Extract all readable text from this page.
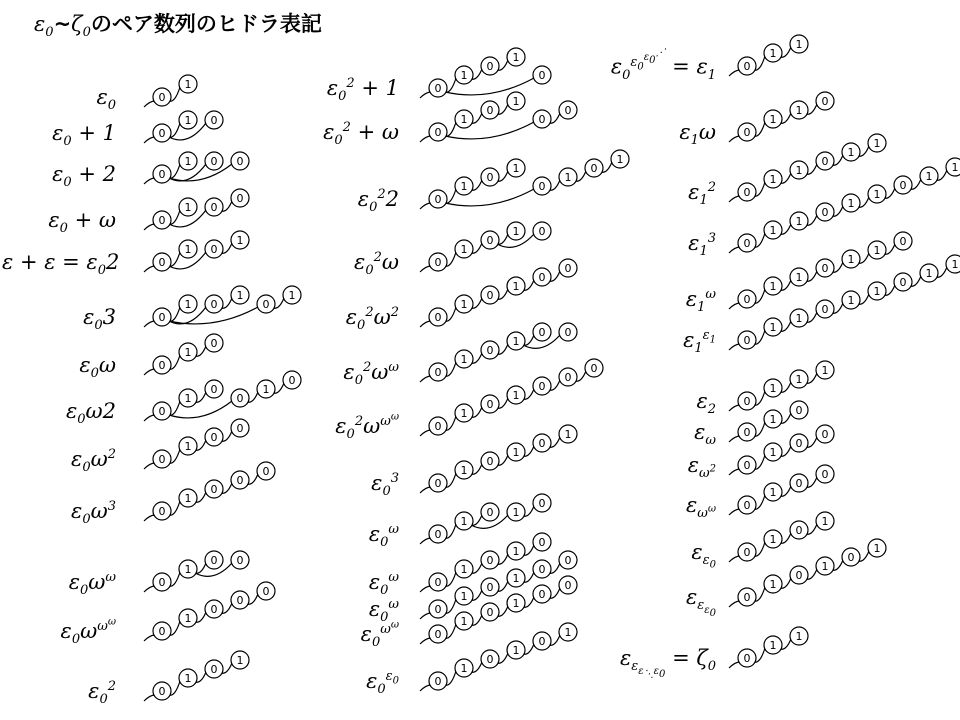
$\varepsilon_0\sim\zeta_0$のペア数列のヒドラ表記
$\varepsilon_0$
$\varepsilon_0 + 1$
$\varepsilon_0 + 2$
$\varepsilon_0 + \omega$
$\varepsilon + \varepsilon = \varepsilon_02$
$\varepsilon_03$
$\varepsilon_0\omega$
$\varepsilon_0\omega 2$
$\varepsilon_0\omega^2$
$\varepsilon_0\omega^3$
$\varepsilon_0\omega^\omega$
$\varepsilon_0\omega^{\omega^\omega}$
$\varepsilon_0^2$
$\varepsilon_0^2 + 1$
$\varepsilon_0^2 + \omega$
$\varepsilon_0^22$
$\varepsilon_0^2\omega$
$\varepsilon_0^2\omega^2$
$\varepsilon_0^2\omega^\omega$
$\varepsilon_0^2\omega^{\omega^\omega}$
$\varepsilon_0^3$
$\varepsilon_0^\omega$
$\varepsilon_0^\omega$
$\varepsilon_0^\omega$
$\varepsilon_0^{\omega^\omega}$
$\varepsilon_0^{\varepsilon_0}$
$\varepsilon_0^{\varepsilon_0^{\varepsilon_0^⋰}} = \varepsilon_1$
$\varepsilon_1\omega$
$\varepsilon_1^2$
$\varepsilon_1^3$
$\varepsilon_1^\omega$
$\varepsilon_1^{\varepsilon_1}$
$\varepsilon_2$
$\varepsilon_\omega$
$\varepsilon_{\omega^2}$
$\varepsilon_{\omega^\omega}$
$\varepsilon_{\varepsilon_0}$
$\varepsilon_{\varepsilon_{\varepsilon_0}}$
$\varepsilon_{\varepsilon_{\varepsilon_⋱\varepsilon_0}} = \zeta_0$
0
1
0
1 0
0
1 0 0
0
1 0
0
0
1 0
1
0
1 0
1
0
1
0
1
0
0
1
0
0
1
0
0
1
0
0
0
1
0
0
0
0
1
0 0
0
1
0
0
0
0
1
0
1
0
1
0
1
0
0
1
0
1
0
0
0
1
0
1
0
1
0
1
0
1
0
1 0
0
1
0
1
0
0
0
1
0
1
0 0
0
1
0
1
0
0
0
0
1
0
1
0
1
0
1
0 1
0
0
1
0
1
0
0
1
0
1
0
0
0
1
0
1
0
0
0
1
0
1
0
1
0
1
1
0
1
1
0
0
1
1
0
1
1
0
1
1
0
1
1
0
1
1
0
1
1
0
1
1
0
0
1
1
0
1
1
0
1
1
0
1
1
1
0
1
0
0
1
0
0
0
1
0
0
0
1
0
1
0
1
0
1
0
1
0
1
1
